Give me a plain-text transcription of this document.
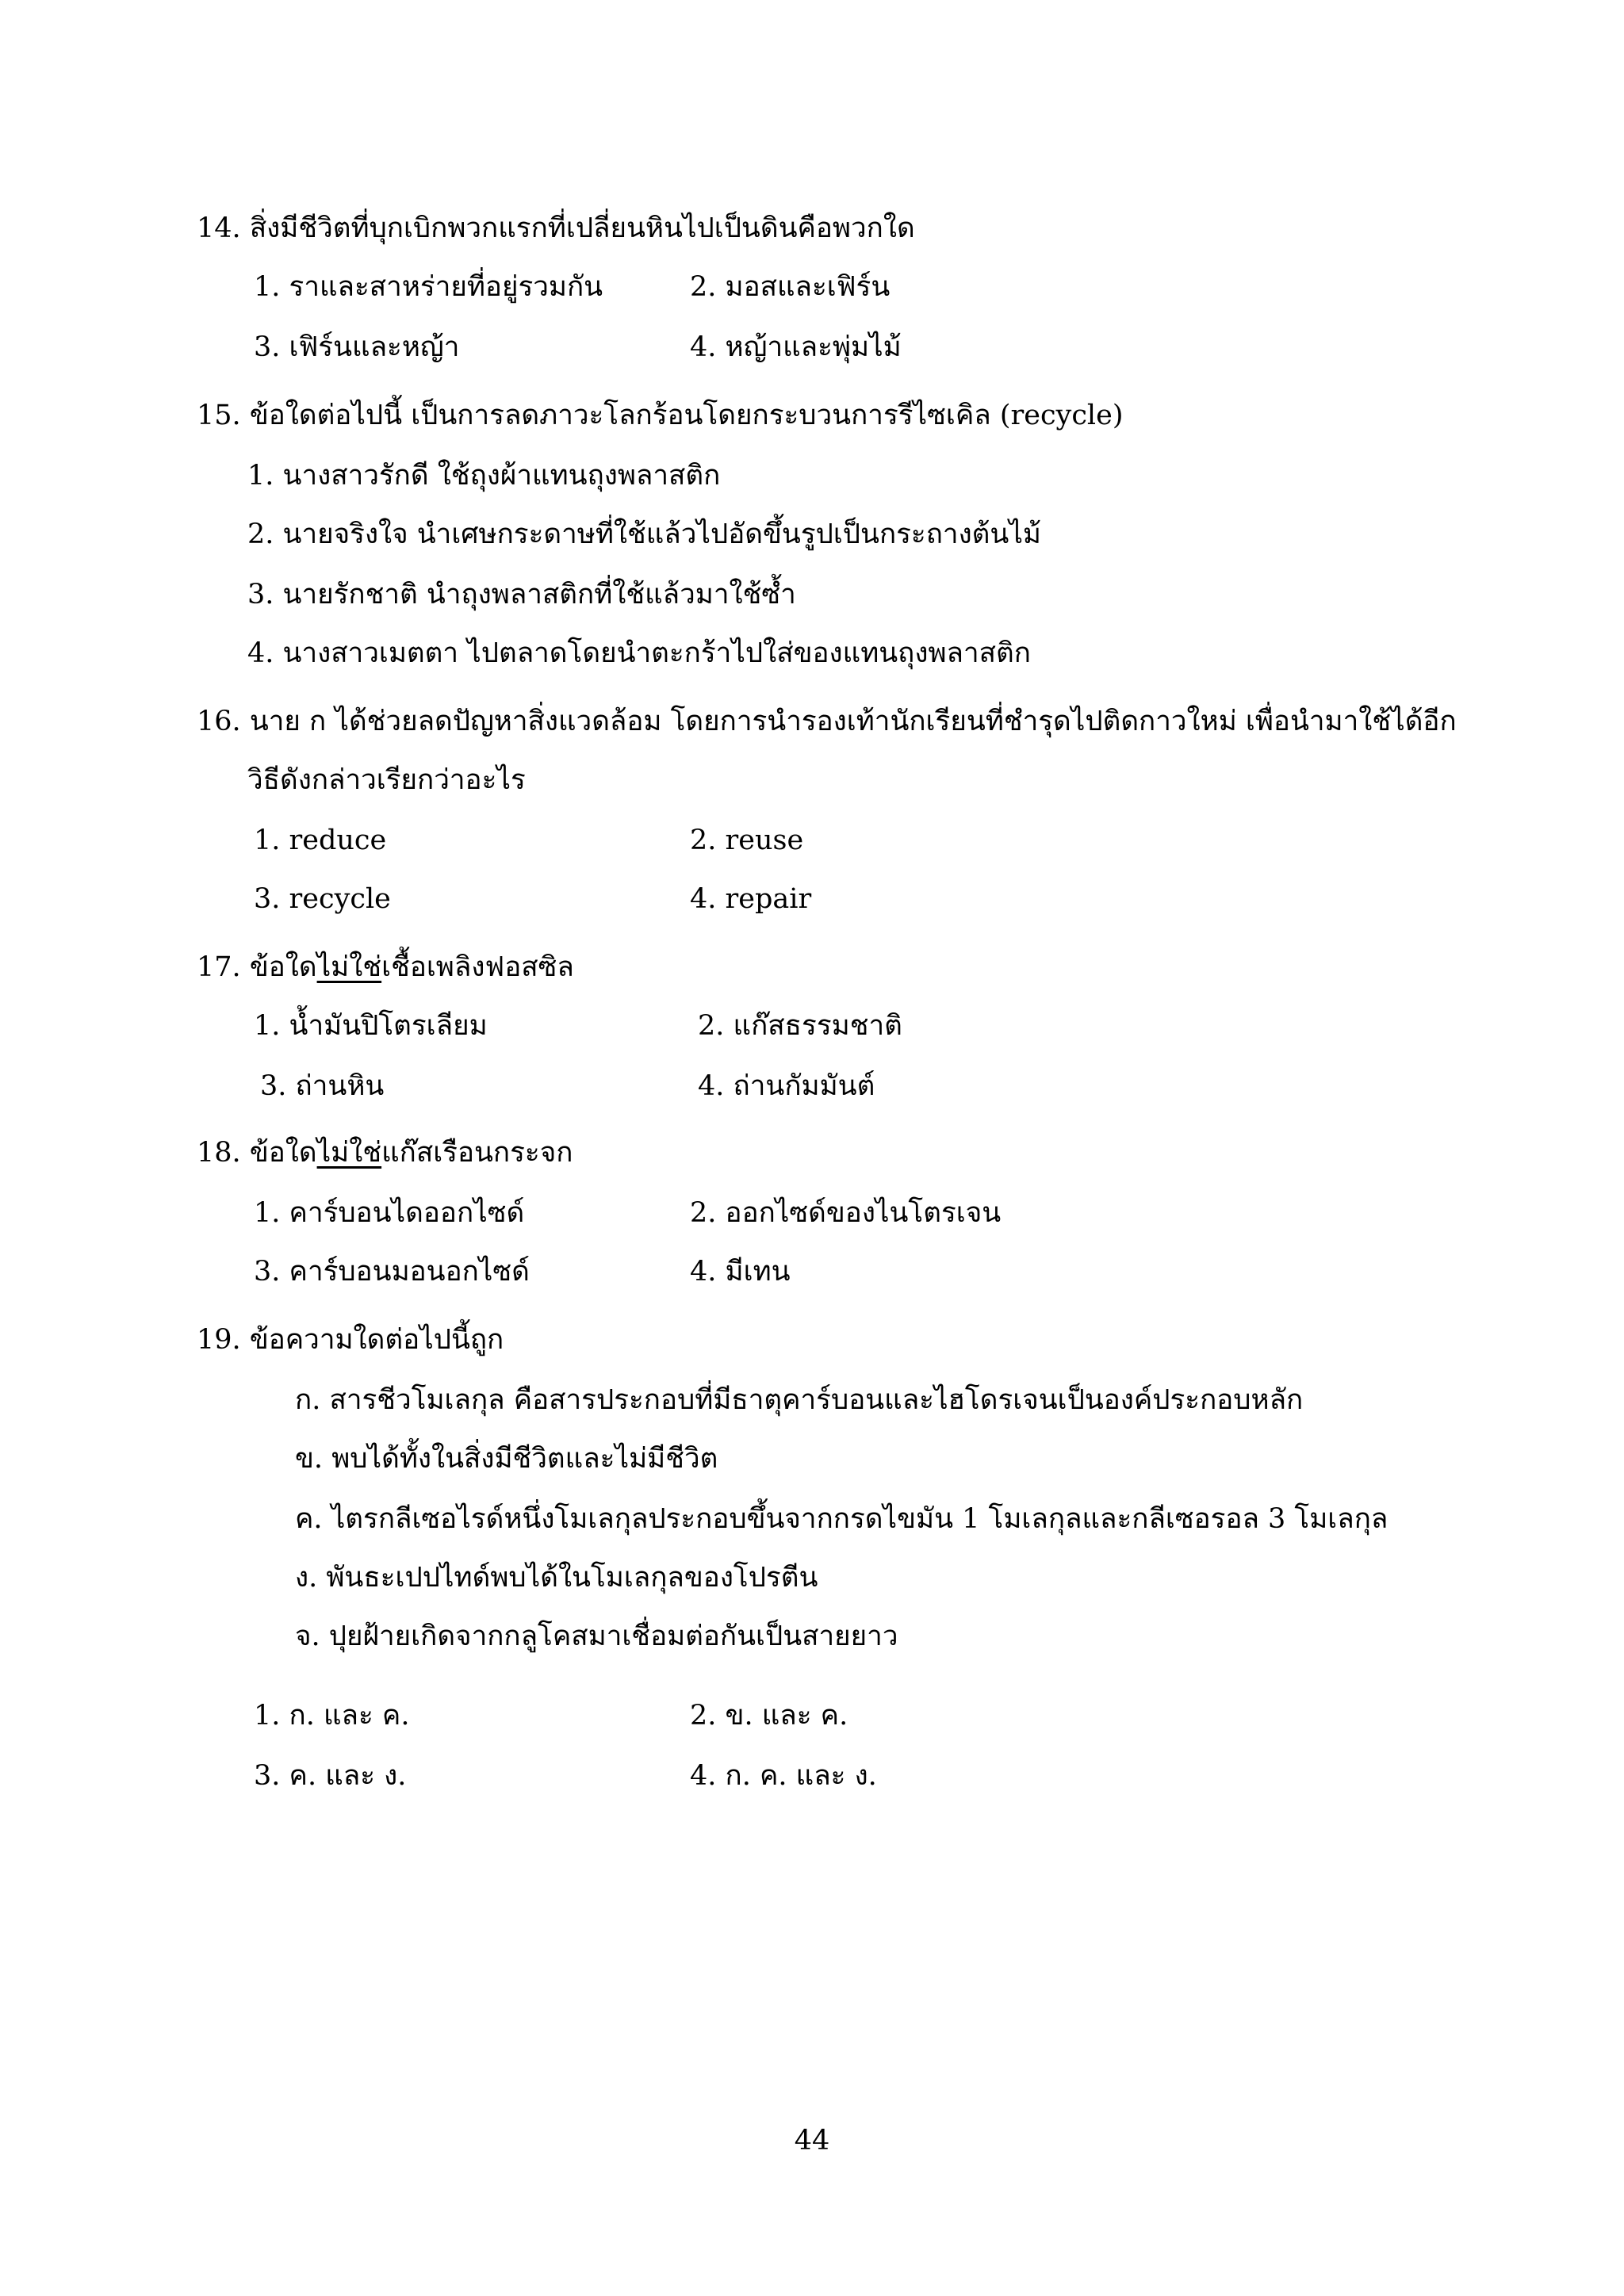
14. สิ่งมีชีวิตที่บุกเบิกพวกแรกที่เปลี่ยนหินไปเป็นดินคือพวกใด
1. ราและสาหร่ายที่อยู่รวมกัน	2. มอสและเฟิร์น
3. เฟิร์นและหญ้า	4. หญ้าและพุ่มไม้
15. ข้อใดต่อไปนี้ เป็นการลดภาวะโลกร้อนโดยกระบวนการรีไซเคิล (recycle)
1. นางสาวรักดี ใช้ถุงผ้าแทนถุงพลาสติก
2. นายจริงใจ นำเศษกระดาษที่ใช้แล้วไปอัดขึ้นรูปเป็นกระถางต้นไม้
3. นายรักชาติ นำถุงพลาสติกที่ใช้แล้วมาใช้ซ้ำ
4. นางสาวเมตตา ไปตลาดโดยนำตะกร้าไปใส่ของแทนถุงพลาสติก
16. นาย ก ได้ช่วยลดปัญหาสิ่งแวดล้อม โดยการนำรองเท้านักเรียนที่ชำรุดไปติดกาวใหม่ เพื่อนำมาใช้ได้อีก
วิธีดังกล่าวเรียกว่าอะไร
1. reduce	2. reuse
3. recycle	4. repair
17. ข้อใดไม่ใช่เชื้อเพลิงฟอสซิล
1. น้ำมันปิโตรเลียม	2. แก๊สธรรมชาติ
3. ถ่านหิน	4. ถ่านกัมมันต์
18. ข้อใดไม่ใช่แก๊สเรือนกระจก
1. คาร์บอนไดออกไซด์	2. ออกไซด์ของไนโตรเจน
3. คาร์บอนมอนอกไซด์	4. มีเทน
19. ข้อความใดต่อไปนี้ถูก
ก. สารชีวโมเลกุล คือสารประกอบที่มีธาตุคาร์บอนและไฮโดรเจนเป็นองค์ประกอบหลัก
ข. พบได้ทั้งในสิ่งมีชีวิตและไม่มีชีวิต
ค. ไตรกลีเซอไรด์หนึ่งโมเลกุลประกอบขึ้นจากกรดไขมัน 1 โมเลกุลและกลีเซอรอล 3 โมเลกุล
ง. พันธะเปปไทด์พบได้ในโมเลกุลของโปรตีน
จ. ปุยฝ้ายเกิดจากกลูโคสมาเชื่อมต่อกันเป็นสายยาว
1. ก. และ ค.	2. ข. และ ค.
3. ค. และ ง.	4. ก. ค. และ ง.
44
